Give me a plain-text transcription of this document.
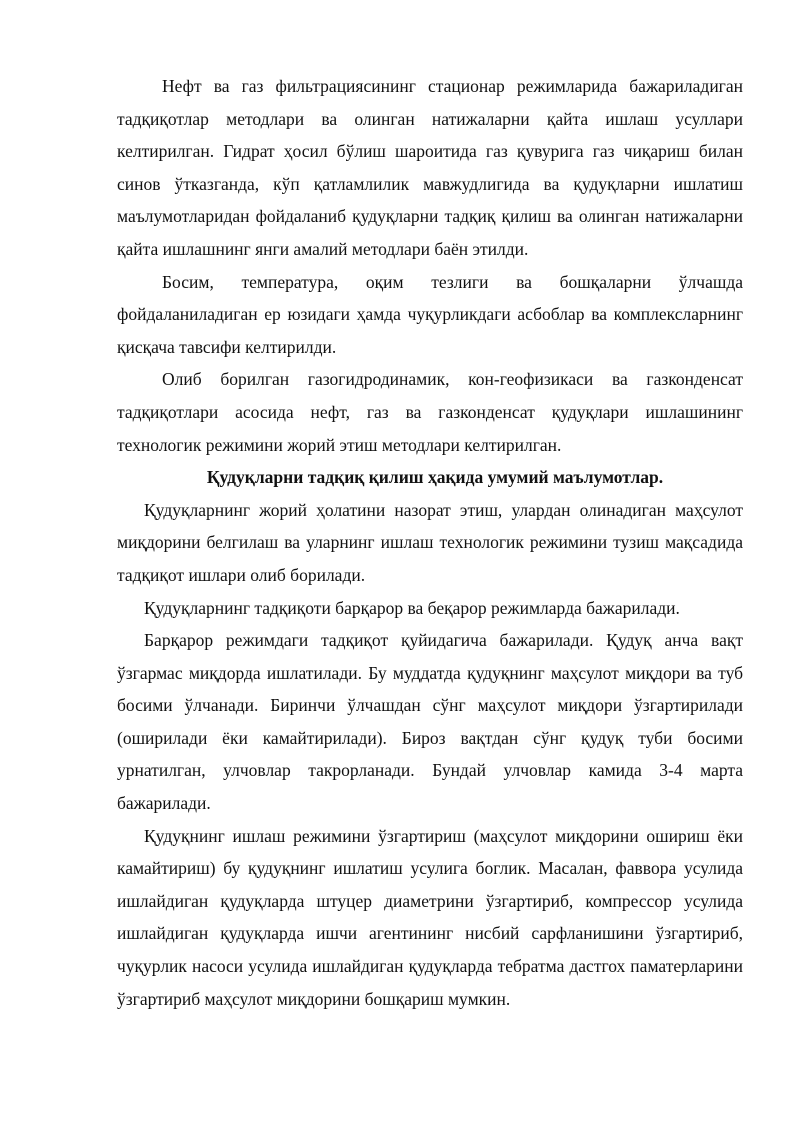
Нефт ва газ фильтрациясининг стационар режимларида бажариладиган тадқиқотлар методлари ва олинган натижаларни қайта ишлаш усуллари келтирилган. Гидрат ҳосил бўлиш шароитида газ қувурига газ чиқариш билан синов ўтказганда, кўп қатламлилик мавжудлигида ва қудуқларни ишлатиш маълумотларидан фойдаланиб қудуқларни тадқиқ қилиш ва олинган натижаларни қайта ишлашнинг янги амалий методлари баён этилди.

Босим, температура, оқим тезлиги ва бошқаларни ўлчашда фойдаланиладиган ер юзидаги ҳамда чуқурликдаги асбоблар ва комплексларнинг қисқача тавсифи келтирилди.

Олиб борилган газогидродинамик, кон-геофизикаси ва газконденсат тадқиқотлари асосида нефт, газ ва газконденсат қудуқлари ишлашининг технологик режимини жорий этиш методлари келтирилган.

Қудуқларни тадқиқ қилиш ҳақида умумий маълумотлар.

Қудуқларнинг жорий ҳолатини назорат этиш, улардан олинадиган маҳсулот миқдорини белгилаш ва уларнинг ишлаш технологик режимини тузиш мақсадида тадқиқот ишлари олиб борилади.

Қудуқларнинг тадқиқоти барқарор ва беқарор режимларда бажарилади.

Барқарор режимдаги тадқиқот қуйидагича бажарилади. Қудуқ анча вақт ўзгармас миқдорда ишлатилади. Бу муддатда қудуқнинг маҳсулот миқдори ва туб босими ўлчанади. Биринчи ўлчашдан сўнг маҳсулот миқдори ўзгартирилади (оширилади ёки камайтирилади). Бироз вақтдан сўнг қудуқ туби босими урнатилган, улчовлар такрорланади. Бундай улчовлар камида 3-4 марта бажарилади.

Қудуқнинг ишлаш режимини ўзгартириш (маҳсулот миқдорини ошириш ёки камайтириш) бу қудуқнинг ишлатиш усулига боглик. Масалан, фаввора усулида ишлайдиган қудуқларда штуцер диаметрини ўзгартириб, компрессор усулида ишлайдиган қудуқларда ишчи агентининг нисбий сарфланишини ўзгартириб, чуқурлик насоси усулида ишлайдиган қудуқларда тебратма дастгох паматерларини ўзгартириб маҳсулот миқдорини бошқариш мумкин.
